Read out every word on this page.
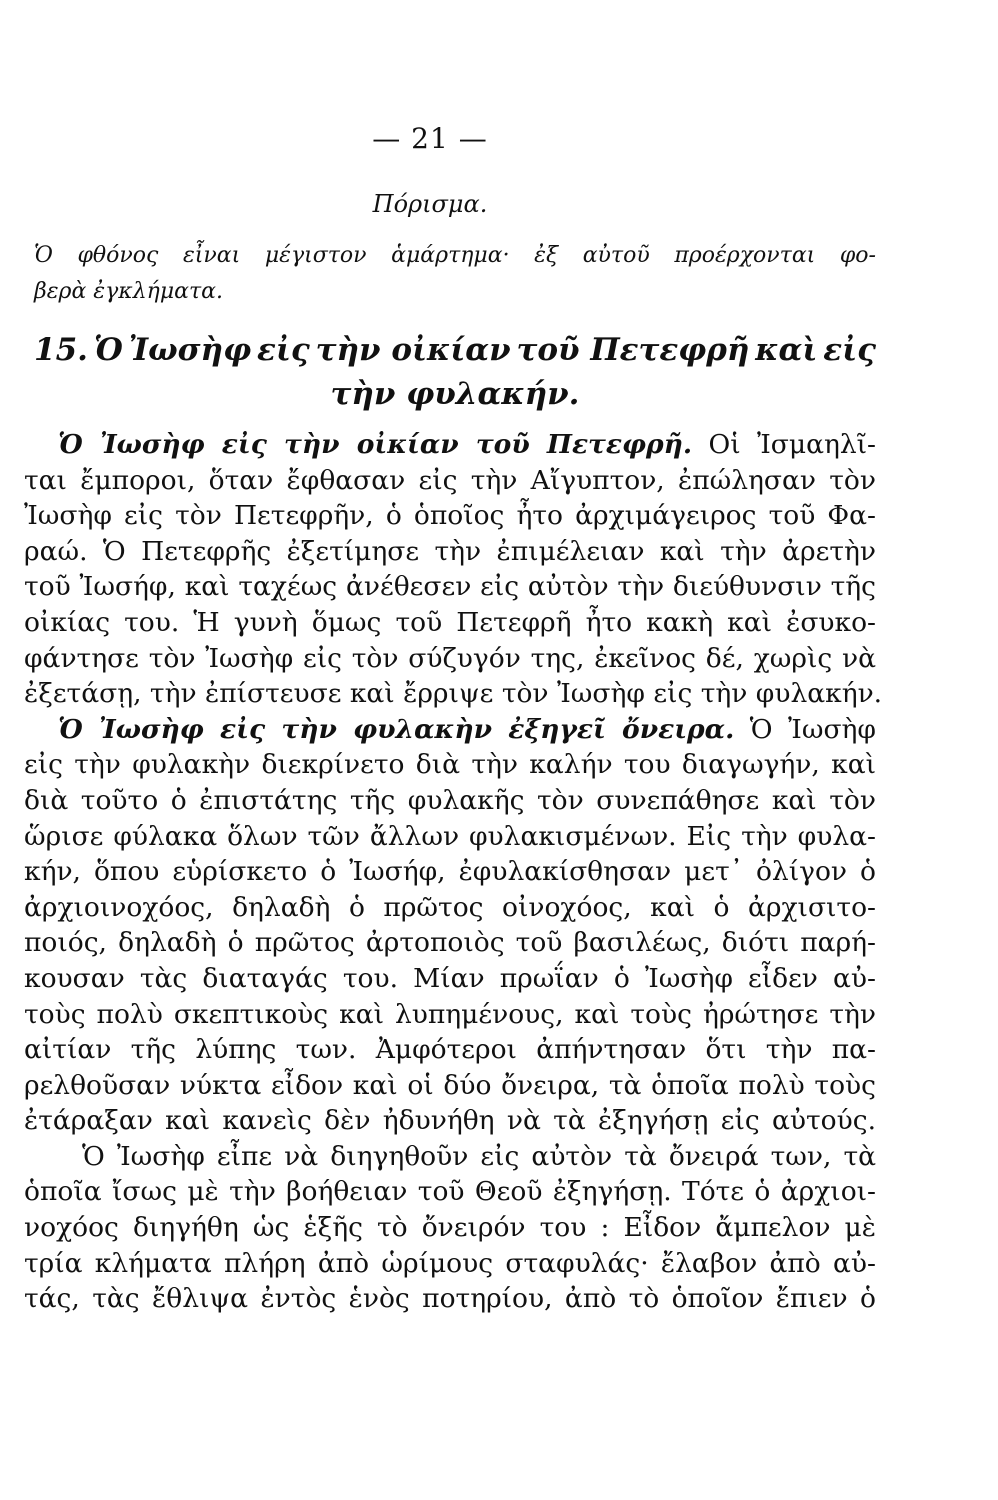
— 21 —
Πόρισμα.
Ὁ φθόνος εἶναι μέγιστον ἁμάρτημα· ἐξ αὐτοῦ προέρχονται φο-
βερὰ ἐγκλήματα.
15. Ὁ Ἰωσὴφ εἰς τὴν οἰκίαν τοῦ Πετεφρῆ καὶ εἰς
τὴν φυλακήν.
Ὁ Ἰωσὴφ εἰς τὴν οἰκίαν τοῦ Πετεφρῆ. Οἱ Ἰσμαηλῖ-
ται ἔμποροι, ὅταν ἔφθασαν εἰς τὴν Αἴγυπτον, ἐπώλησαν τὸν
Ἰωσὴφ εἰς τὸν Πετεφρῆν, ὁ ὁποῖος ἦτο ἀρχιμάγειρος τοῦ Φα-
ραώ. Ὁ Πετεφρῆς ἐξετίμησε τὴν ἐπιμέλειαν καὶ τὴν ἀρετὴν
τοῦ Ἰωσήφ, καὶ ταχέως ἀνέθεσεν εἰς αὐτὸν τὴν διεύθυνσιν τῆς
οἰκίας του. Ἡ γυνὴ ὅμως τοῦ Πετεφρῆ ἦτο κακὴ καὶ ἐσυκο-
φάντησε τὸν Ἰωσὴφ εἰς τὸν σύζυγόν της, ἐκεῖνος δέ, χωρὶς νὰ
ἐξετάσῃ, τὴν ἐπίστευσε καὶ ἔρριψε τὸν Ἰωσὴφ εἰς τὴν φυλακήν.
Ὁ Ἰωσὴφ εἰς τὴν φυλακὴν ἐξηγεῖ ὄνειρα. Ὁ Ἰωσὴφ
εἰς τὴν φυλακὴν διεκρίνετο διὰ τὴν καλήν του διαγωγήν, καὶ
διὰ τοῦτο ὁ ἐπιστάτης τῆς φυλακῆς τὸν συνεπάθησε καὶ τὸν
ὥρισε φύλακα ὅλων τῶν ἄλλων φυλακισμένων. Εἰς τὴν φυλα-
κήν, ὅπου εὑρίσκετο ὁ Ἰωσήφ, ἐφυλακίσθησαν μετ᾽ ὀλίγον ὁ
ἀρχιοινοχόος, δηλαδὴ ὁ πρῶτος οἰνοχόος, καὶ ὁ ἀρχισιτο-
ποιός, δηλαδὴ ὁ πρῶτος ἀρτοποιὸς τοῦ βασιλέως, διότι παρή-
κουσαν τὰς διαταγάς του. Μίαν πρωΐαν ὁ Ἰωσὴφ εἶδεν αὐ-
τοὺς πολὺ σκεπτικοὺς καὶ λυπημένους, καὶ τοὺς ἠρώτησε τὴν
αἰτίαν τῆς λύπης των. Ἀμφότεροι ἀπήντησαν ὅτι τὴν πα-
ρελθοῦσαν νύκτα εἶδον καὶ οἱ δύο ὄνειρα, τὰ ὁποῖα πολὺ τοὺς
ἐτάραξαν καὶ κανεὶς δὲν ἠδυνήθη νὰ τὰ ἐξηγήσῃ εἰς αὐτούς.
Ὁ Ἰωσὴφ εἶπε νὰ διηγηθοῦν εἰς αὐτὸν τὰ ὄνειρά των, τὰ
ὁποῖα ἴσως μὲ τὴν βοήθειαν τοῦ Θεοῦ ἐξηγήσῃ. Τότε ὁ ἀρχιοι-
νοχόος διηγήθη ὡς ἑξῆς τὸ ὄνειρόν του : Εἶδον ἄμπελον μὲ
τρία κλήματα πλήρη ἀπὸ ὡρίμους σταφυλάς· ἔλαβον ἀπὸ αὐ-
τάς, τὰς ἔθλιψα ἐντὸς ἑνὸς ποτηρίου, ἀπὸ τὸ ὁποῖον ἔπιεν ὁ
